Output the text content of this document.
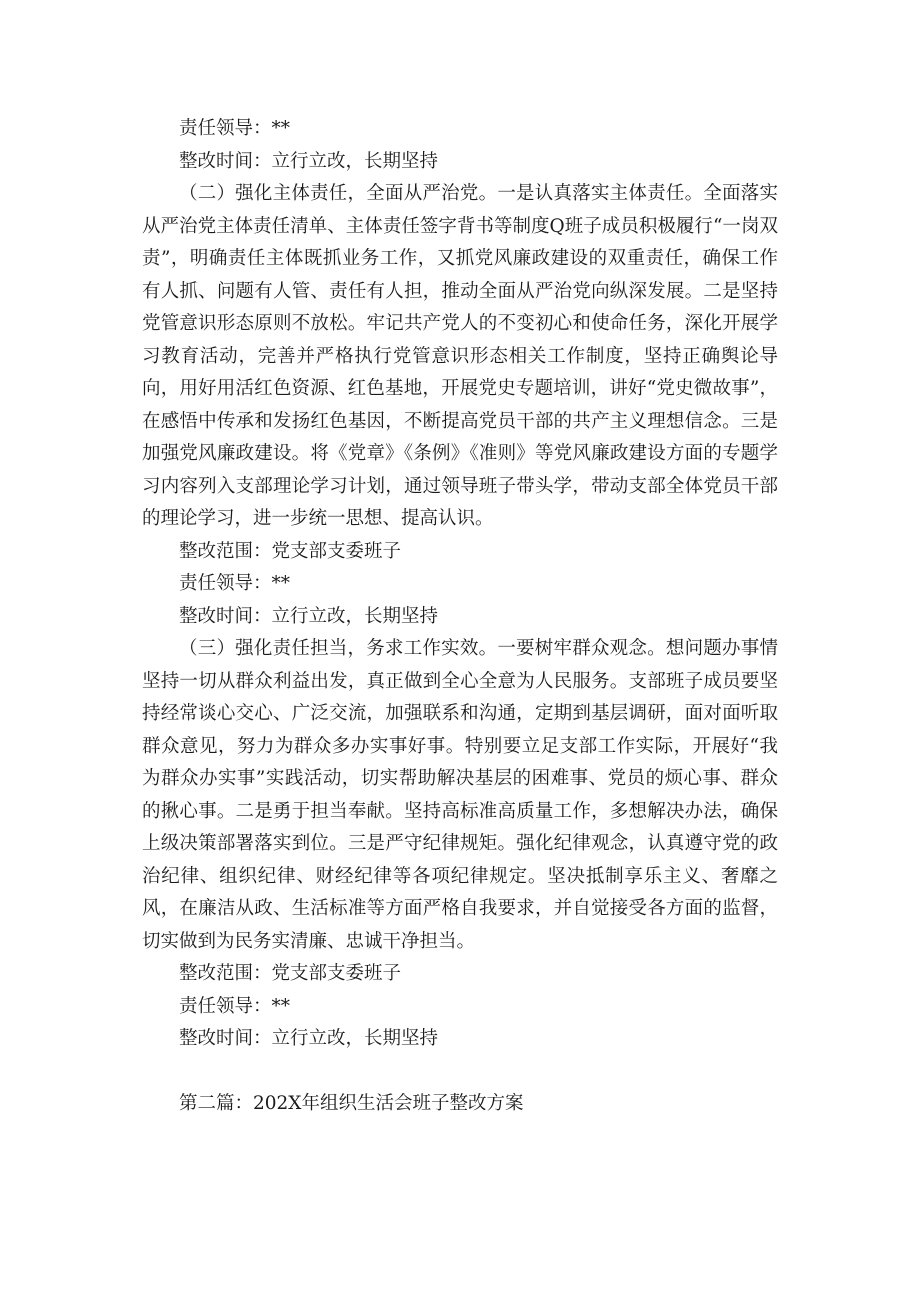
责任领导：**

整改时间：立行立改，长期坚持

（二）强化主体责任，全面从严治党。一是认真落实主体责任。全面落实从严治党主体责任清单、主体责任签字背书等制度Q班子成员积极履行“一岗双责”，明确责任主体既抓业务工作，又抓党风廉政建设的双重责任，确保工作有人抓、问题有人管、责任有人担，推动全面从严治党向纵深发展。二是坚持党管意识形态原则不放松。牢记共产党人的不变初心和使命任务，深化开展学习教育活动，完善并严格执行党管意识形态相关工作制度，坚持正确舆论导向，用好用活红色资源、红色基地，开展党史专题培训，讲好“党史微故事”，在感悟中传承和发扬红色基因，不断提高党员干部的共产主义理想信念。三是加强党风廉政建设。将《党章》《条例》《准则》等党风廉政建设方面的专题学习内容列入支部理论学习计划，通过领导班子带头学，带动支部全体党员干部的理论学习，进一步统一思想、提高认识。

整改范围：党支部支委班子

责任领导：**

整改时间：立行立改，长期坚持

（三）强化责任担当，务求工作实效。一要树牢群众观念。想问题办事情坚持一切从群众利益出发，真正做到全心全意为人民服务。支部班子成员要坚持经常谈心交心、广泛交流，加强联系和沟通，定期到基层调研，面对面听取群众意见，努力为群众多办实事好事。特别要立足支部工作实际，开展好“我为群众办实事”实践活动，切实帮助解决基层的困难事、党员的烦心事、群众的揪心事。二是勇于担当奉献。坚持高标准高质量工作，多想解决办法，确保上级决策部署落实到位。三是严守纪律规矩。强化纪律观念，认真遵守党的政治纪律、组织纪律、财经纪律等各项纪律规定。坚决抵制享乐主义、奢靡之风，在廉洁从政、生活标准等方面严格自我要求，并自觉接受各方面的监督，切实做到为民务实清廉、忠诚干净担当。

整改范围：党支部支委班子

责任领导：**

整改时间：立行立改，长期坚持

第二篇：202X年组织生活会班子整改方案
